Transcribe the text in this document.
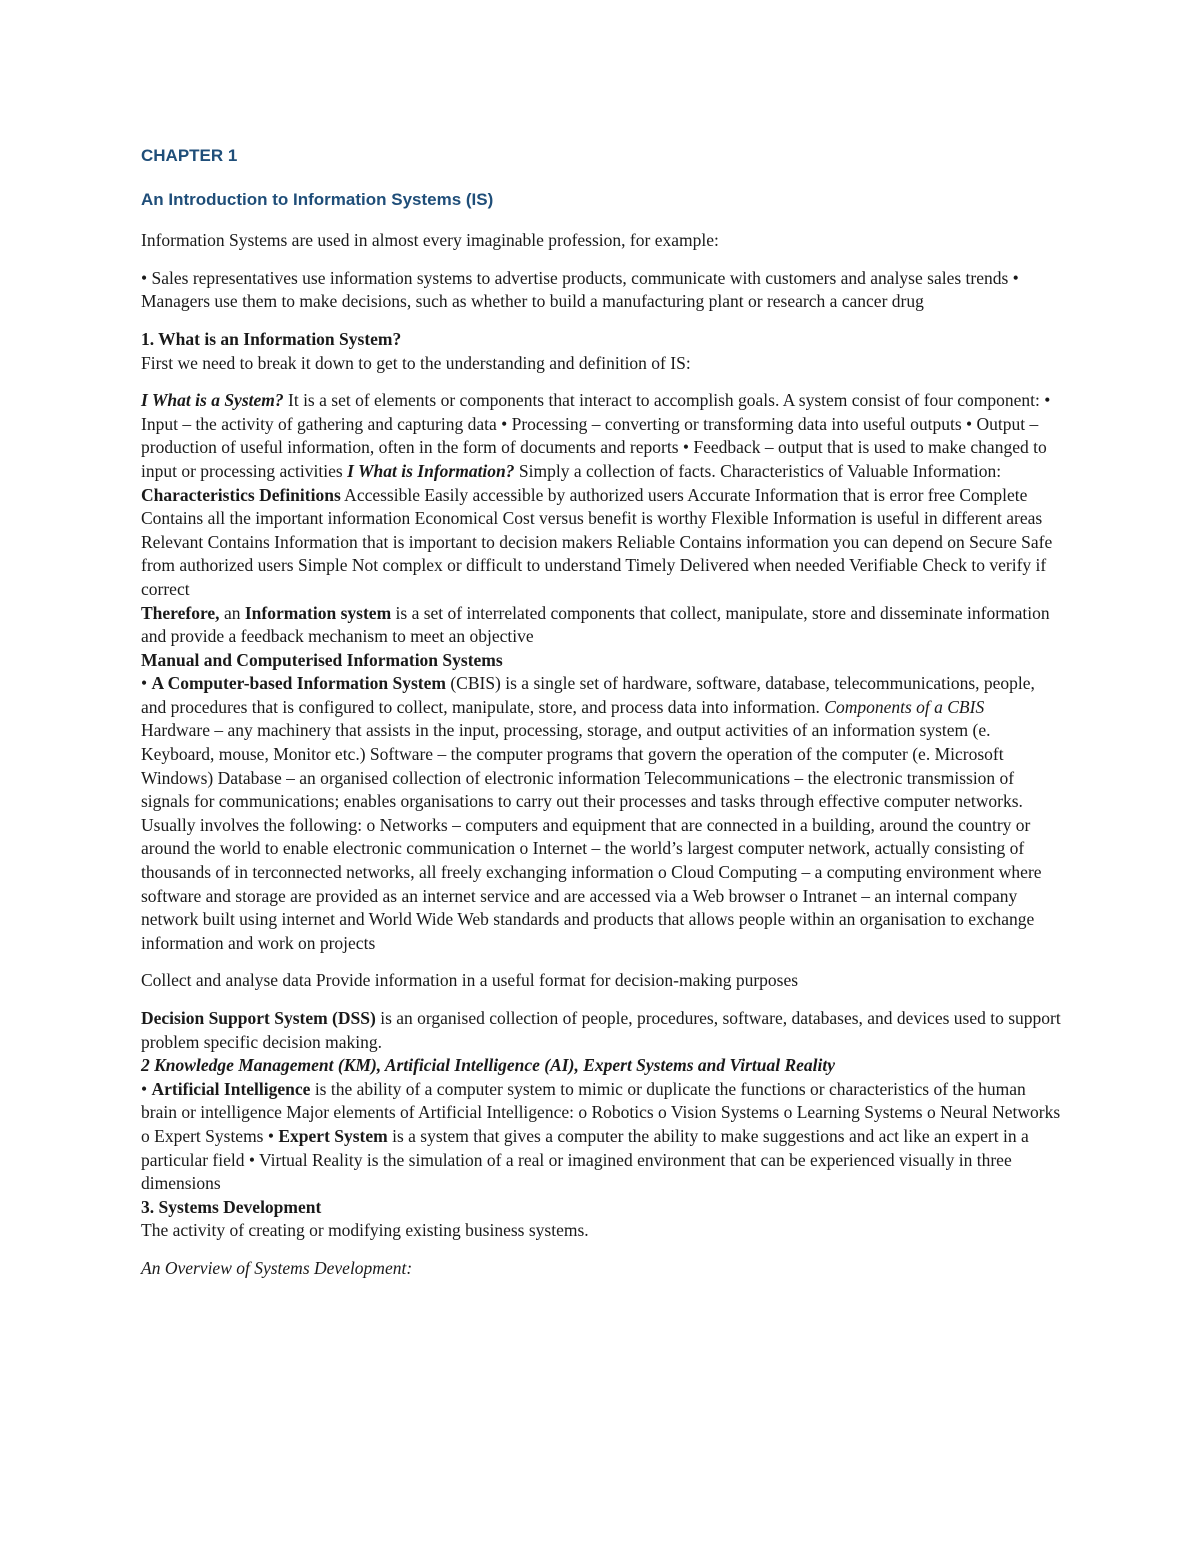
CHAPTER 1
An Introduction to Information Systems (IS)

Information Systems are used in almost every imaginable profession, for example:

• Sales representatives use information systems to advertise products, communicate with customers and analyse sales trends • Managers use them to make decisions, such as whether to build a manufacturing plant or research a cancer drug

1. What is an Information System?

First we need to break it down to get to the understanding and definition of IS:

I What is a System? It is a set of elements or components that interact to accomplish goals. A system consist of four component: • Input – the activity of gathering and capturing data • Processing – converting or transforming data into useful outputs • Output – production of useful information, often in the form of documents and reports • Feedback – output that is used to make changed to input or processing activities I What is Information? Simply a collection of facts. Characteristics of Valuable Information: Characteristics Definitions Accessible Easily accessible by authorized users Accurate Information that is error free Complete Contains all the important information Economical Cost versus benefit is worthy Flexible Information is useful in different areas Relevant Contains Information that is important to decision makers Reliable Contains information you can depend on Secure Safe from authorized users Simple Not complex or difficult to understand Timely Delivered when needed Verifiable Check to verify if correct

Therefore, an Information system is a set of interrelated components that collect, manipulate, store and disseminate information and provide a feedback mechanism to meet an objective

Manual and Computerised Information Systems

• A Computer-based Information System (CBIS) is a single set of hardware, software, database, telecommunications, people, and procedures that is configured to collect, manipulate, store, and process data into information. Components of a CBIS

Hardware – any machinery that assists in the input, processing, storage, and output activities of an information system (e. Keyboard, mouse, Monitor etc.) Software – the computer programs that govern the operation of the computer (e. Microsoft Windows) Database – an organised collection of electronic information Telecommunications – the electronic transmission of signals for communications; enables organisations to carry out their processes and tasks through effective computer networks. Usually involves the following: o Networks – computers and equipment that are connected in a building, around the country or around the world to enable electronic communication o Internet – the world’s largest computer network, actually consisting of thousands of in terconnected networks, all freely exchanging information o Cloud Computing – a computing environment where software and storage are provided as an internet service and are accessed via a Web browser o Intranet – an internal company network built using internet and World Wide Web standards and products that allows people within an organisation to exchange information and work on projects

Collect and analyse data Provide information in a useful format for decision-making purposes

Decision Support System (DSS) is an organised collection of people, procedures, software, databases, and devices used to support problem specific decision making.

2 Knowledge Management (KM), Artificial Intelligence (AI), Expert Systems and Virtual Reality

• Artificial Intelligence is the ability of a computer system to mimic or duplicate the functions or characteristics of the human brain or intelligence Major elements of Artificial Intelligence: o Robotics o Vision Systems o Learning Systems o Neural Networks o Expert Systems • Expert System is a system that gives a computer the ability to make suggestions and act like an expert in a particular field • Virtual Reality is the simulation of a real or imagined environment that can be experienced visually in three dimensions

3. Systems Development

The activity of creating or modifying existing business systems.

An Overview of Systems Development:
